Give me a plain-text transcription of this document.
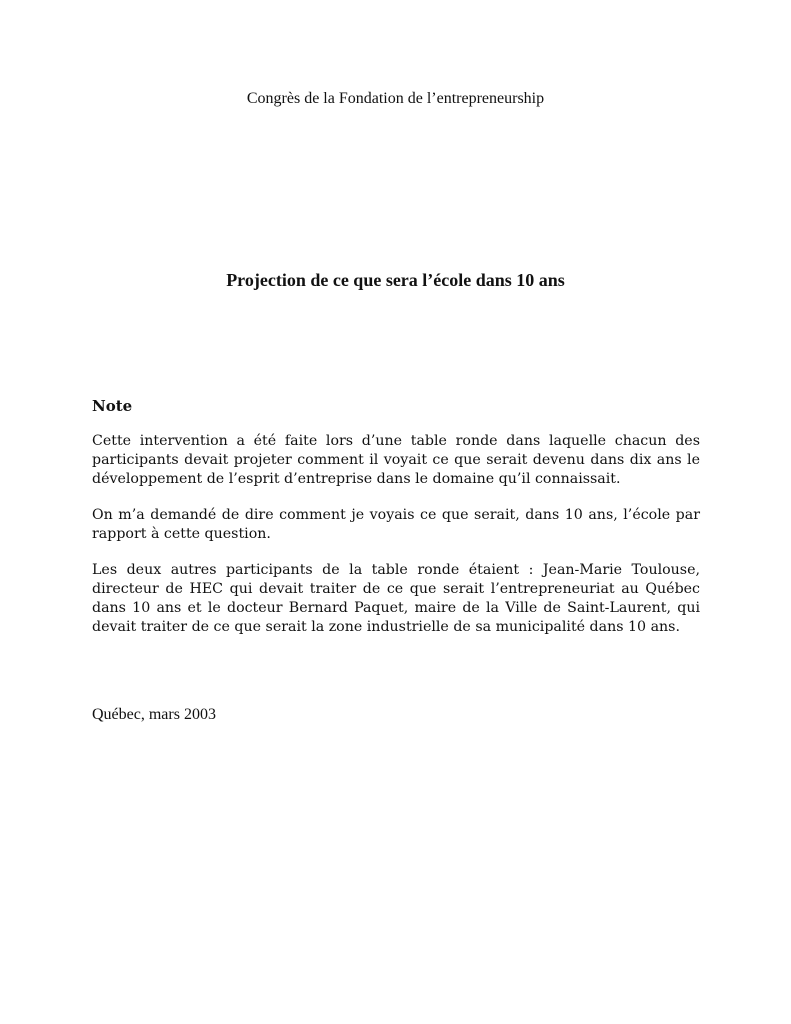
Congrès de la Fondation de l’entrepreneurship
Projection de ce que sera l’école dans 10 ans
Note

Cette intervention a été faite lors d’une table ronde dans laquelle chacun des participants devait projeter comment il voyait ce que serait devenu dans dix ans le développement de l’esprit d’entreprise dans le domaine qu’il connaissait.

On m’a demandé de dire comment je voyais ce que serait, dans 10 ans, l’école par rapport à cette question.

Les deux autres participants de la table ronde étaient : Jean-Marie Toulouse, directeur de HEC qui devait traiter de ce que serait l’entrepreneuriat au Québec dans 10 ans et le docteur Bernard Paquet, maire de la Ville de Saint-Laurent, qui devait traiter de ce que serait la zone industrielle de sa municipalité dans 10 ans.

Québec, mars 2003
